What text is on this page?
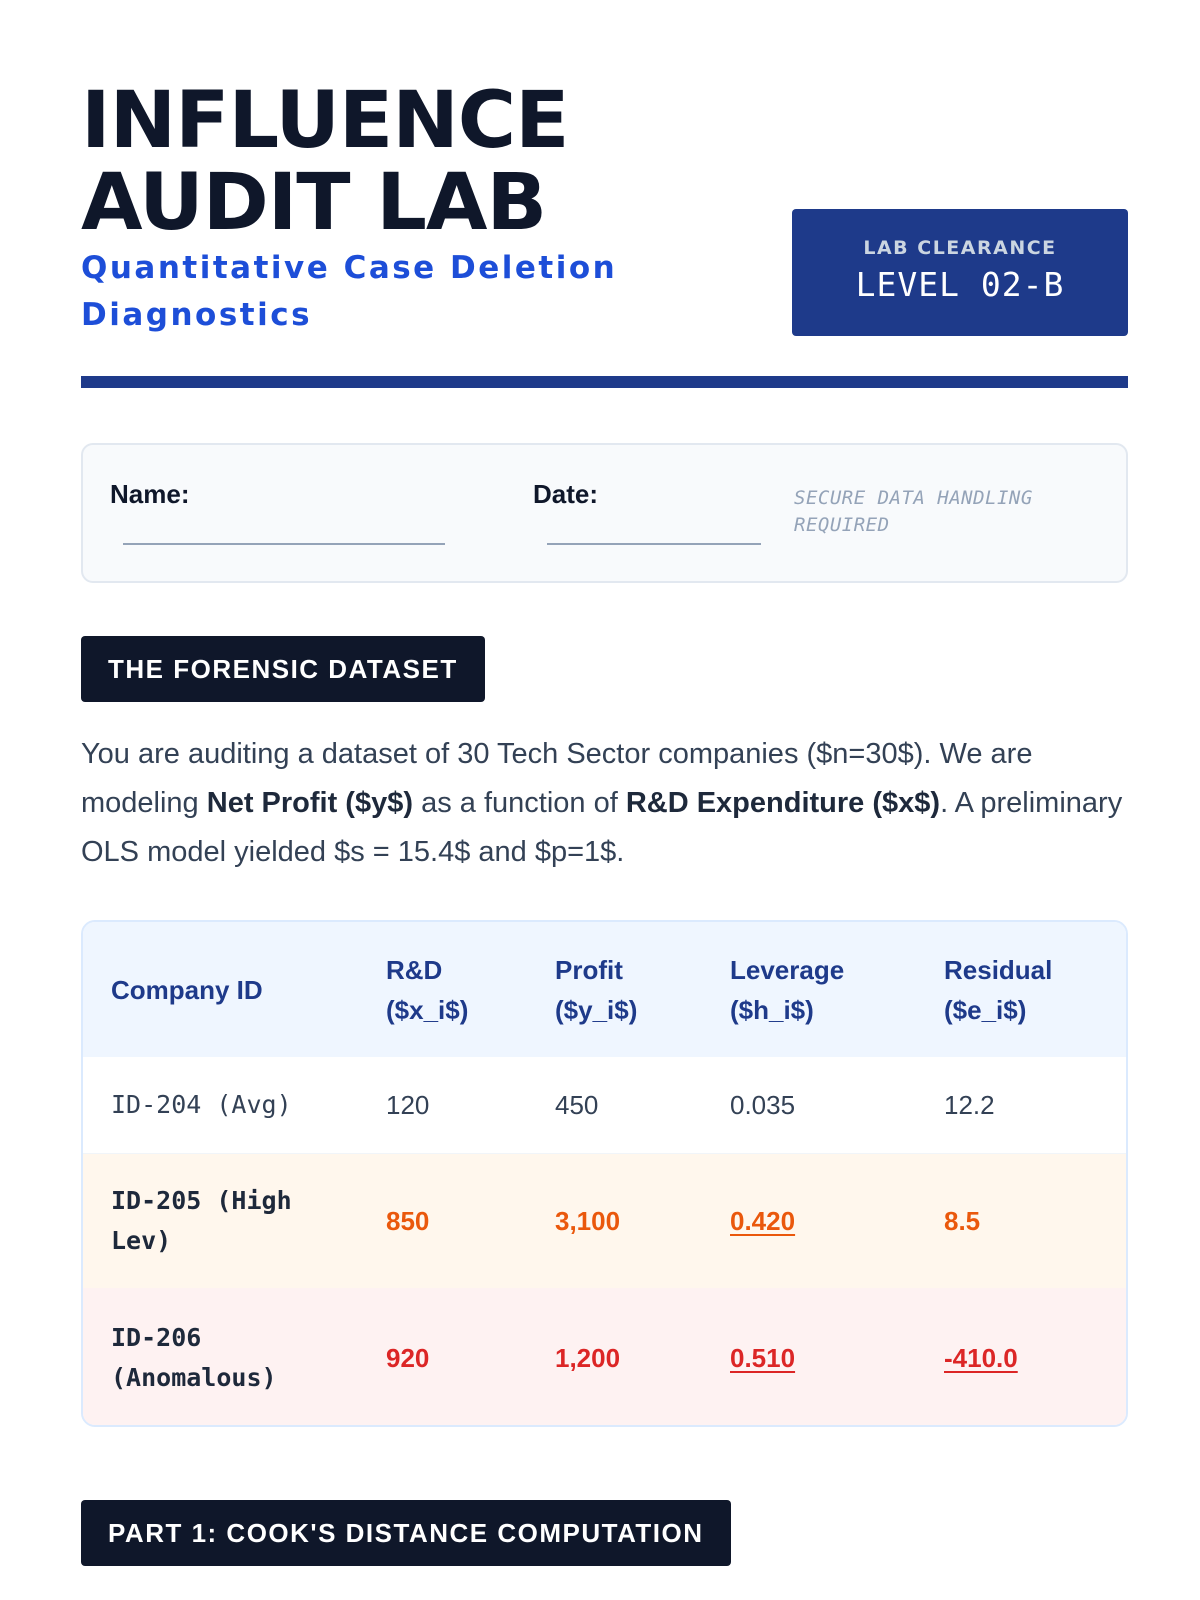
INFLUENCE
AUDIT LAB
Quantitative Case Deletion Diagnostics
LAB CLEARANCE
LEVEL 02-B
Name:	Date:	SECURE DATA HANDLING REQUIRED
THE FORENSIC DATASET
You are auditing a dataset of 30 Tech Sector companies ($n=30$). We are modeling Net Profit ($y$) as a function of R&D Expenditure ($x$). A preliminary OLS model yielded $s = 15.4$ and $p=1$.
Company ID	R&D ($x_i$)	Profit ($y_i$)	Leverage ($h_i$)	Residual ($e_i$)
ID-204 (Avg)	120	450	0.035	12.2
ID-205 (High Lev)	850	3,100	0.420	8.5
ID-206 (Anomalous)	920	1,200	0.510	-410.0
PART 1: COOK'S DISTANCE COMPUTATION
